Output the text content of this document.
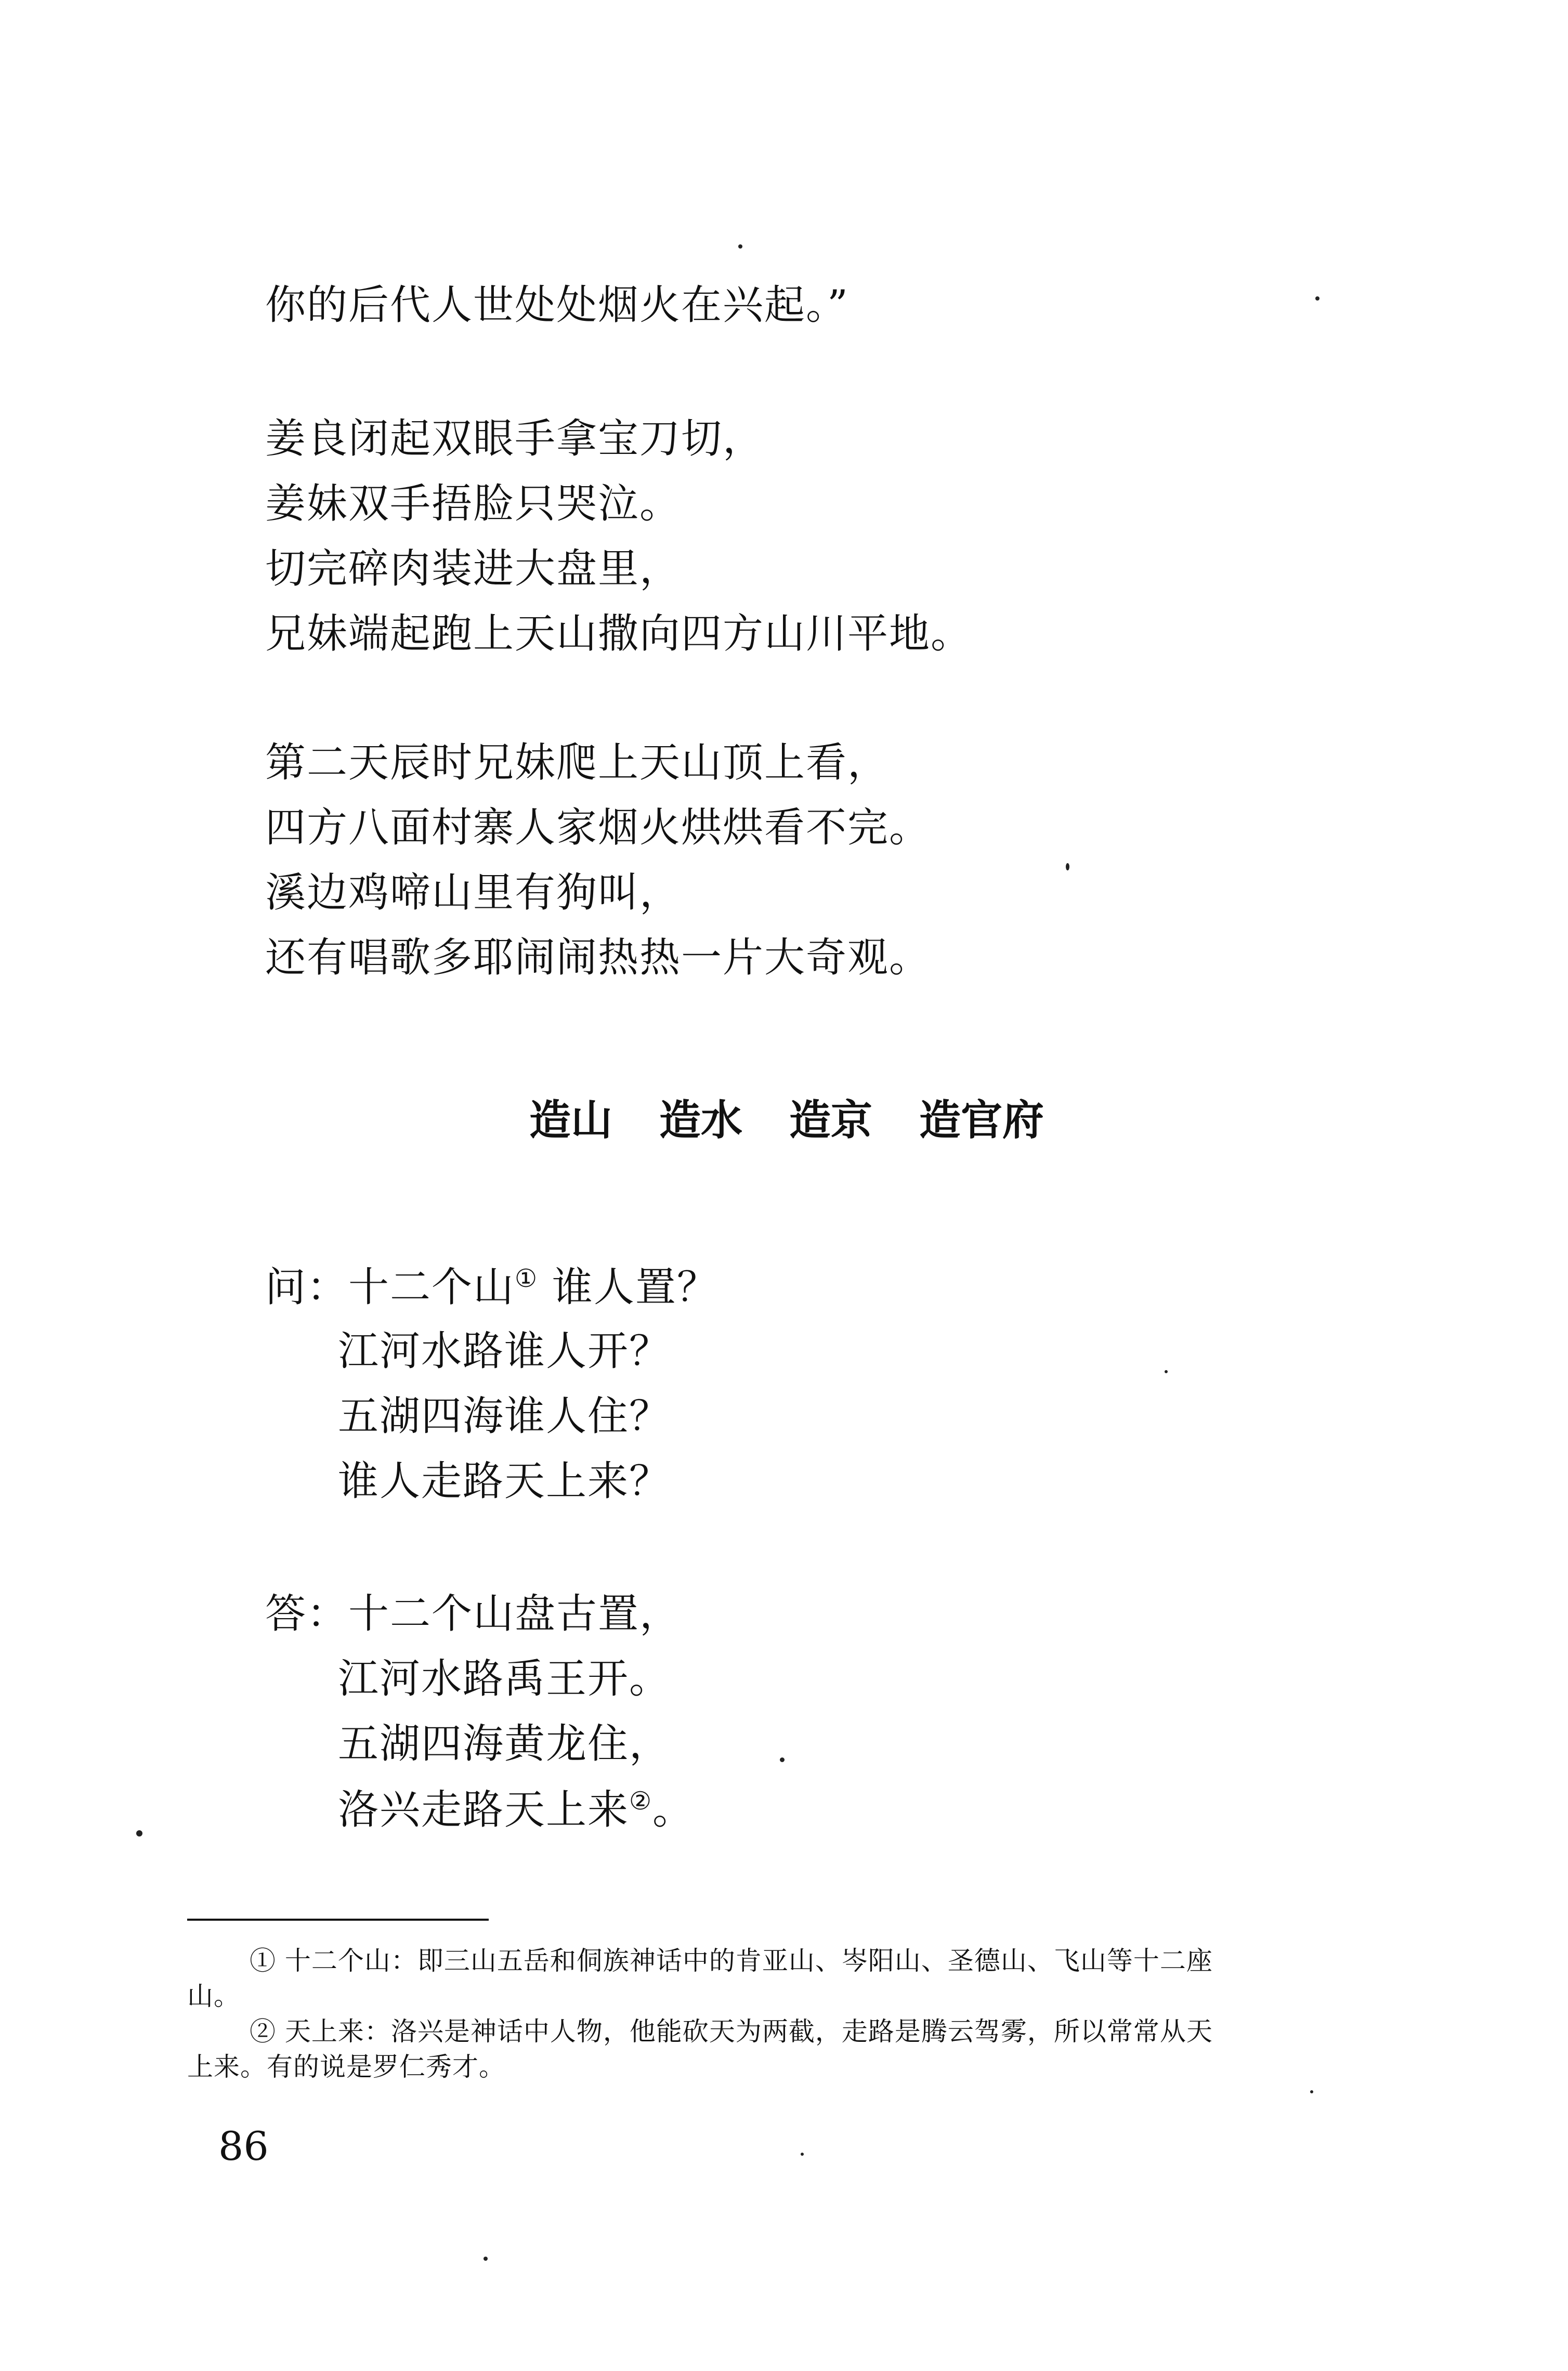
你的后代人世处处烟火在兴起。”
姜良闭起双眼手拿宝刀切，
姜妹双手捂脸只哭泣。
切完碎肉装进大盘里，
兄妹端起跑上天山撒向四方山川平地。
第二天辰时兄妹爬上天山顶上看，
四方八面村寨人家烟火烘烘看不完。
溪边鸡啼山里有狗叫，
还有唱歌多耶闹闹热热一片大奇观。
造山 造水 造京 造官府
问：十二个山① 谁人置？
江河水路谁人开？
五湖四海谁人住？
谁人走路天上来？
答：十二个山盘古置，
江河水路禹王开。
五湖四海黄龙住，
洛兴走路天上来②。
① 十二个山：即三山五岳和侗族神话中的肯亚山、岑阳山、圣德山、飞山等十二座
山。
② 天上来：洛兴是神话中人物，他能砍天为两截，走路是腾云驾雾，所以常常从天
上来。有的说是罗仁秀才。
86
